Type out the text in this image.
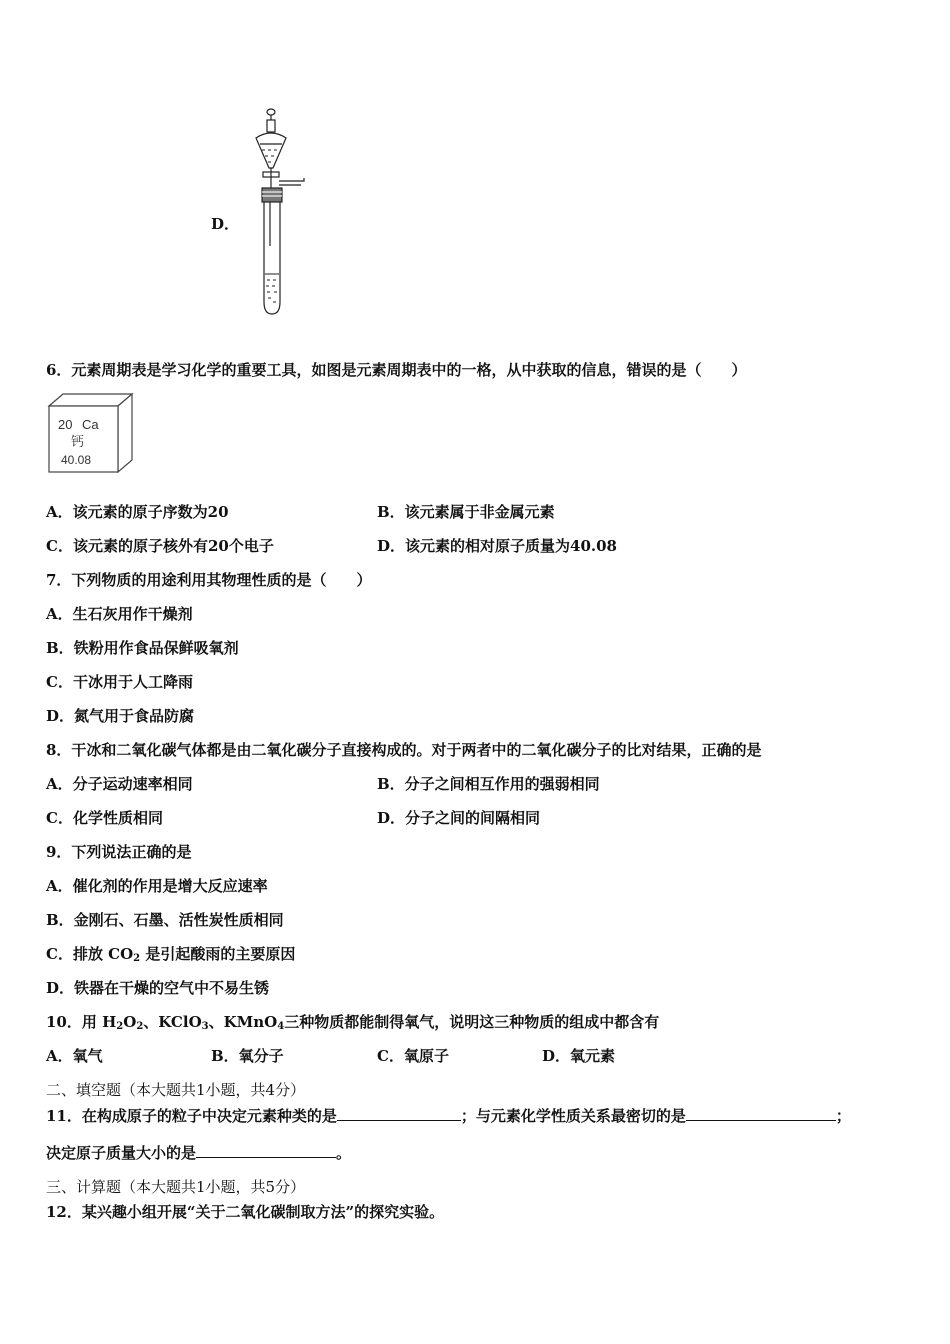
D．
6．元素周期表是学习化学的重要工具，如图是元素周期表中的一格，从中获取的信息，错误的是（　　）
20 Ca
钙
40.08
A．该元素的原子序数为20	B．该元素属于非金属元素
C．该元素的原子核外有20个电子	D．该元素的相对原子质量为40.08
7．下列物质的用途利用其物理性质的是（　　）
A．生石灰用作干燥剂
B．铁粉用作食品保鲜吸氧剂
C．干冰用于人工降雨
D．氮气用于食品防腐
8．干冰和二氧化碳气体都是由二氧化碳分子直接构成的。对于两者中的二氧化碳分子的比对结果，正确的是
A．分子运动速率相同	B．分子之间相互作用的强弱相同
C．化学性质相同	D．分子之间的间隔相同
9．下列说法正确的是
A．催化剂的作用是增大反应速率
B．金刚石、石墨、活性炭性质相同
C．排放 $CO_2$ 是引起酸雨的主要原因
D．铁器在干燥的空气中不易生锈
10．用 $H_2O_2$、KClO$_3$、KMnO$_4$三种物质都能制得氧气，说明这三种物质的组成中都含有
A．氧气	B．氧分子	C．氧原子	D．氧元素
二、填空题（本大题共1小题，共4分）
11．在构成原子的粒子中决定元素种类的是	；与元素化学性质关系最密切的是	；
决定原子质量大小的是	。
三、计算题（本大题共1小题，共5分）
12．某兴趣小组开展“关于二氧化碳制取方法”的探究实验。
